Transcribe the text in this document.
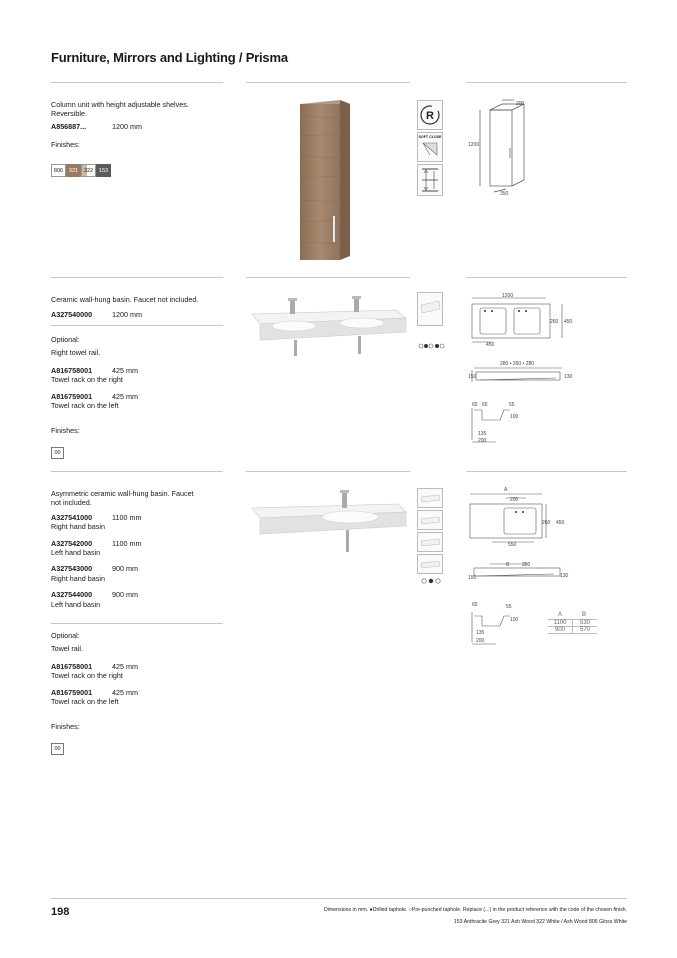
Furniture, Mirrors and Lighting / Prisma
Column unit with height adjustable shelves.
Reversible.
A856887...	1200 mm
Finishes:
806 321 322 153
R
SOFT CLOSE
200
1200
350
Ceramic wall-hung basin. Faucet not included.
A327540000	1200 mm
Optional:
Right towel rail.
A816758001	425 mm
Towel rack on the right
A816759001	425 mm
Towel rack on the left
Finishes:
00
1200
260 450
450
280 • 260 • 280
150	130
65 65	55
100
135
200
Asymmetric ceramic wall-hung basin. Faucet
not included.
A327541000	1100 mm
Right hand basin
A327542000	1100 mm
Left hand basin
A327543000	900 mm
Right hand basin
A327544000	900 mm
Left hand basin
Optional:
Towel rail.
A816758001	425 mm
Towel rack on the right
A816759001	425 mm
Towel rack on the left
Finishes:
00
A
200
260 450
550
B	280
150	130
65	55
100
135
200
A	B
1100	530
900	570
198	Dimensions in mm. ●Drilled taphole. ○Pre-punched taphole. Replace (...) in the product reference with the code of the chosen finish.
153 Anthracite Grey 321 Ash Wood 322 White / Ash Wood 806 Gloss White
